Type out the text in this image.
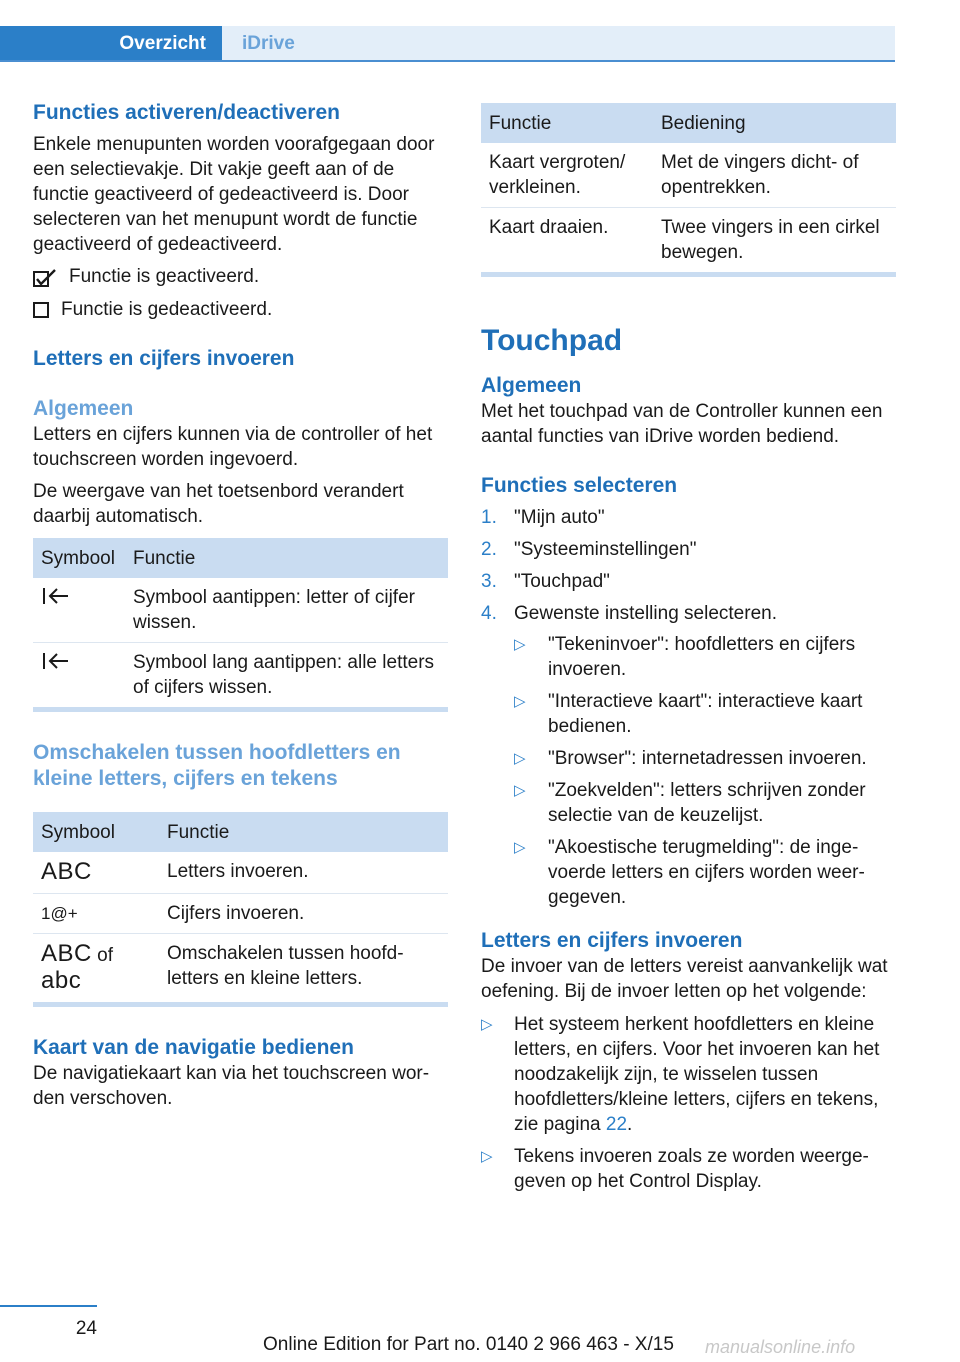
Overzicht	iDrive
Functies activeren/deactiveren

Enkele menupunten worden voorafgegaan door een selectievakje. Dit vakje geeft aan of de functie geactiveerd of gedeactiveerd is. Door selecteren van het menupunt wordt de functie geactiveerd of gedeactiveerd.

Functie is geactiveerd.
Functie is gedeactiveerd.
Letters en cijfers invoeren
Algemeen

Letters en cijfers kunnen via de controller of het touchscreen worden ingevoerd.

De weergave van het toetsenbord verandert daarbij automatisch.

Symbool	Functie
	Symbool aantippen: letter of cijfer wissen.
	Symbool lang aantippen: alle letters of cijfers wissen.
Omschakelen tussen hoofdletters en kleine letters, cijfers en tekens
Symbool	Functie
ABC	Letters invoeren.
1@+	Cijfers invoeren.
ABC of
abc	Omschakelen tussen hoofdletters en kleine letters.
Kaart van de navigatie bedienen

De navigatiekaart kan via het touchscreen worden verschoven.

Functie	Bediening
Kaart vergroten/ verkleinen.	Met de vingers dicht- of opentrekken.
Kaart draaien.	Twee vingers in een cirkel bewegen.
Touchpad
Algemeen

Met het touchpad van de Controller kunnen een aantal functies van iDrive worden bediend.

Functies selecteren
1. "Mijn auto"
2. "Systeeminstellingen"
3. "Touchpad"
4. Gewenste instelling selecteren.
▷ "Tekeninvoer": hoofdletters en cijfers invoeren.
▷ "Interactieve kaart": interactieve kaart bedienen.
▷ "Browser": internetadressen invoeren.
▷ "Zoekvelden": letters schrijven zonder selectie van de keuzelijst.
▷ "Akoestische terugmelding": de ingevoerde letters en cijfers worden weergegeven.
Letters en cijfers invoeren

De invoer van de letters vereist aanvankelijk wat oefening. Bij de invoer letten op het volgende:

▷ Het systeem herkent hoofdletters en kleine letters, en cijfers. Voor het invoeren kan het noodzakelijk zijn, te wisselen tussen hoofdletters/kleine letters, cijfers en tekens, zie pagina 22.
▷ Tekens invoeren zoals ze worden weergegeven op het Control Display.
24
Online Edition for Part no. 0140 2 966 463 - X/15 manualsonline.info
